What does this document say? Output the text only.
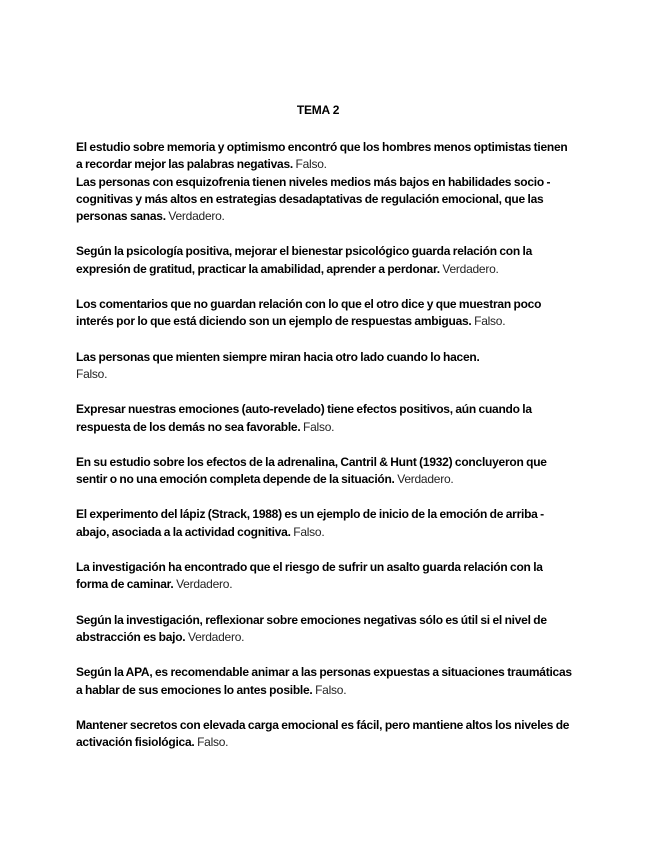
TEMA 2

El estudio sobre memoria y optimismo encontró que los hombres menos optimistas tienen a recordar mejor las palabras negativas. Falso.

Las personas con esquizofrenia tienen niveles medios más bajos en habilidades socio - cognitivas y más altos en estrategias desadaptativas de regulación emocional, que las personas sanas. Verdadero.

Según la psicología positiva, mejorar el bienestar psicológico guarda relación con la expresión de gratitud, practicar la amabilidad, aprender a perdonar. Verdadero.

Los comentarios que no guardan relación con lo que el otro dice y que muestran poco interés por lo que está diciendo son un ejemplo de respuestas ambiguas. Falso.

Las personas que mienten siempre miran hacia otro lado cuando lo hacen.
Falso.

Expresar nuestras emociones (auto-revelado) tiene efectos positivos, aún cuando la respuesta de los demás no sea favorable. Falso.

En su estudio sobre los efectos de la adrenalina, Cantril & Hunt (1932) concluyeron que sentir o no una emoción completa depende de la situación. Verdadero.

El experimento del lápiz (Strack, 1988) es un ejemplo de inicio de la emoción de arriba - abajo, asociada a la actividad cognitiva. Falso.

La investigación ha encontrado que el riesgo de sufrir un asalto guarda relación con la forma de caminar. Verdadero.

Según la investigación, reflexionar sobre emociones negativas sólo es útil si el nivel de abstracción es bajo. Verdadero.

Según la APA, es recomendable animar a las personas expuestas a situaciones traumáticas a hablar de sus emociones lo antes posible. Falso.

Mantener secretos con elevada carga emocional es fácil, pero mantiene altos los niveles de activación fisiológica. Falso.
